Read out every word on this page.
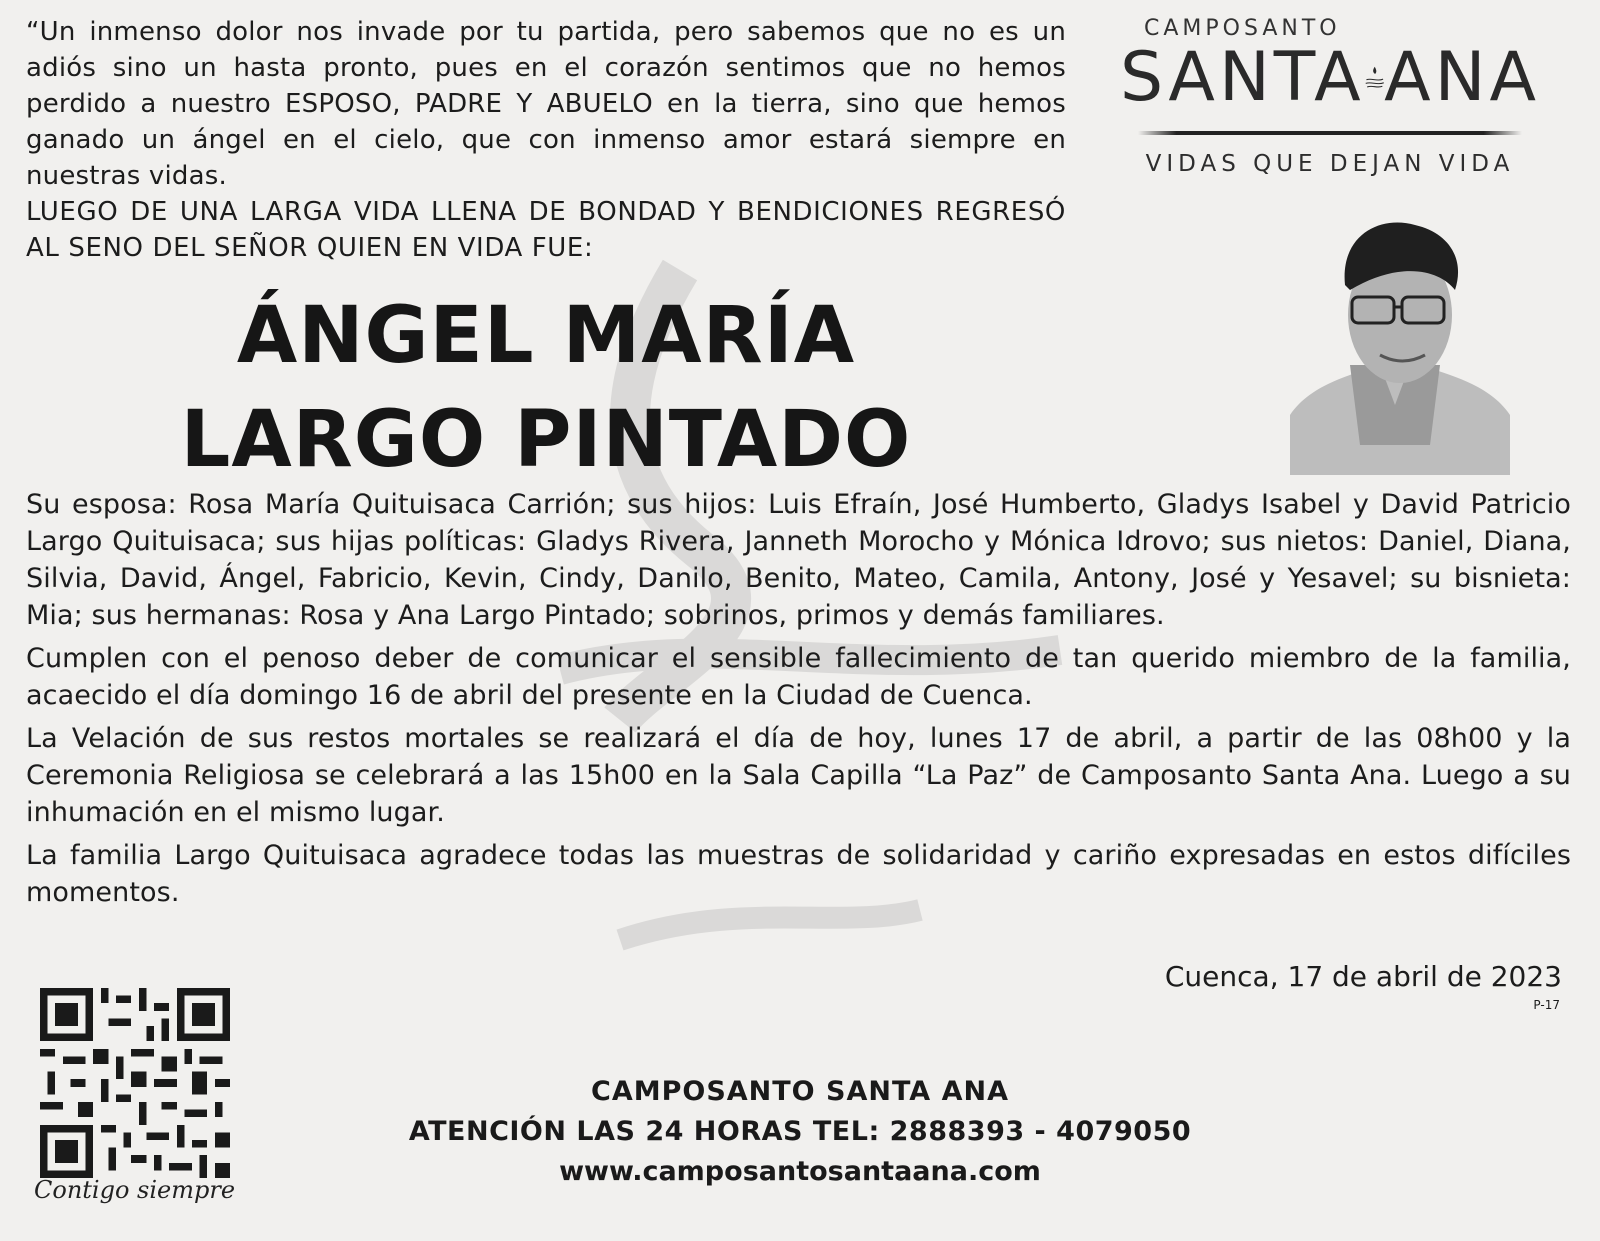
“Un inmenso dolor nos invade por tu partida, pero sabemos que no es un adiós sino un hasta pronto, pues en el corazón sentimos que no hemos perdido a nuestro ESPOSO, PADRE Y ABUELO en la tierra, sino que hemos ganado un ángel en el cielo, que con inmenso amor estará siempre en nuestras vidas.

LUEGO DE UNA LARGA VIDA LLENA DE BONDAD Y BENDICIONES REGRESÓ AL SENO DEL SEÑOR QUIEN EN VIDA FUE:

CAMPOSANTO
SANTA ANA
VIDAS QUE DEJAN VIDA
ÁNGEL MARÍA
LARGO PINTADO

Su esposa: Rosa María Quituisaca Carrión; sus hijos: Luis Efraín, José Humberto, Gladys Isabel y David Patricio Largo Quituisaca; sus hijas políticas: Gladys Rivera, Janneth Morocho y Mónica Idrovo; sus nietos: Daniel, Diana, Silvia, David, Ángel, Fabricio, Kevin, Cindy, Danilo, Benito, Mateo, Camila, Antony, José y Yesavel; su bisnieta: Mia; sus hermanas: Rosa y Ana Largo Pintado; sobrinos, primos y demás familiares.

Cumplen con el penoso deber de comunicar el sensible fallecimiento de tan querido miembro de la familia, acaecido el día domingo 16 de abril del presente en la Ciudad de Cuenca.

La Velación de sus restos mortales se realizará el día de hoy, lunes 17 de abril, a partir de las 08h00 y la Ceremonia Religiosa se celebrará a las 15h00 en la Sala Capilla “La Paz” de Camposanto Santa Ana. Luego a su inhumación en el mismo lugar.

La familia Largo Quituisaca agradece todas las muestras de solidaridad y cariño expresadas en estos difíciles momentos.

Cuenca, 17 de abril de 2023
P-17
Contigo siempre
CAMPOSANTO SANTA ANA
ATENCIÓN LAS 24 HORAS TEL: 2888393 - 4079050
www.camposantosantaana.com
